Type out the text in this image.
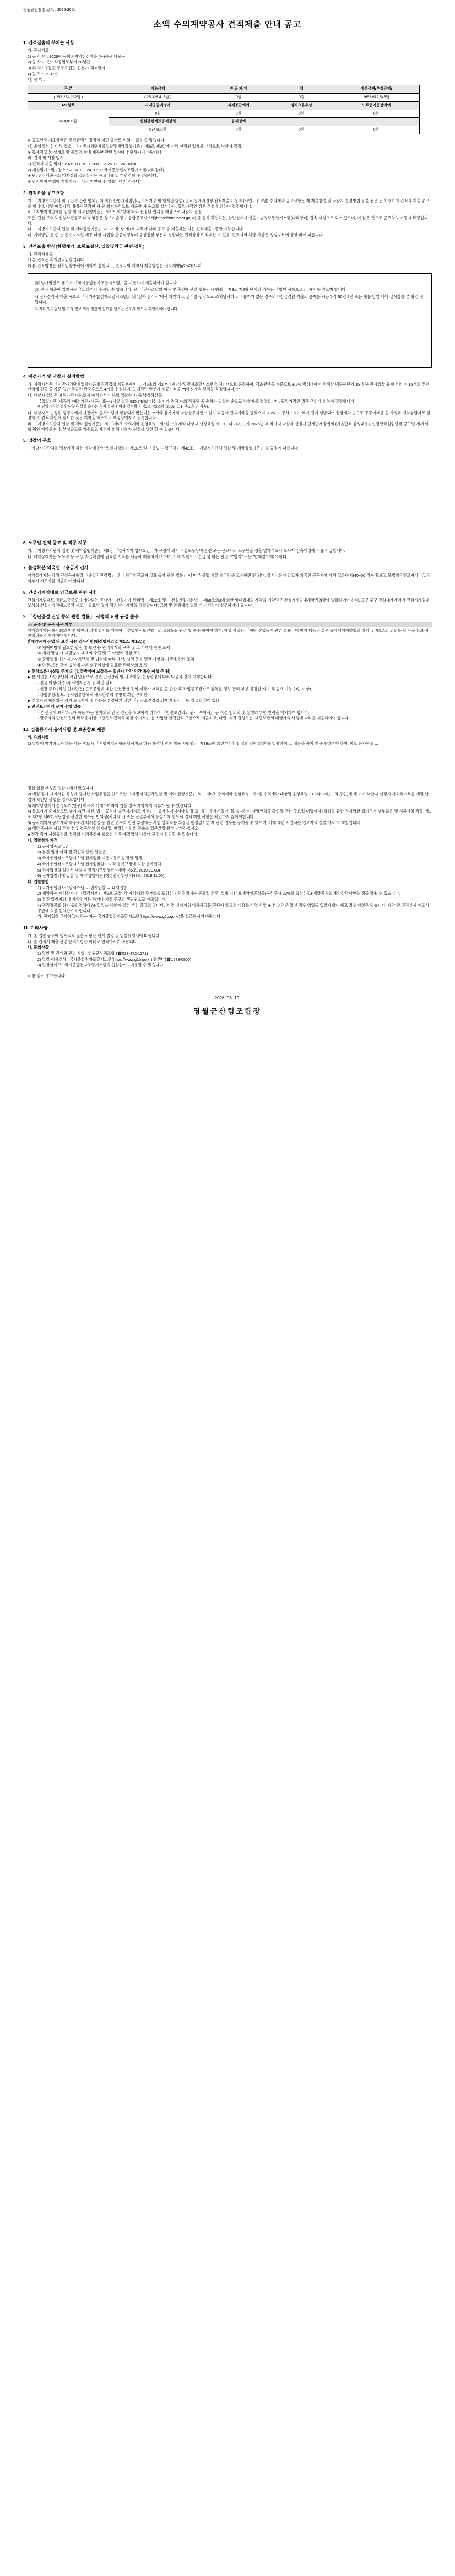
영월군원활흥 공고 : 2026-26호
소액 수의계약공사 견적제출 안내 공고
1. 건적질출의 부치는 사항
가. 공사개요
1) 공 사 명 : 2026년 농어촌지역침전마을 (동)공우 나물구
2) 공 사 기 간 : 착공일로부터 20일간
3) 위 치 : 영월군 무릉도원면 신천2-3외 6필지
4) 규 모 : 25.37㎡
나) 공 액 :
구 분	기초금액	관 급 자 재	계	예산금액(추정금액)
( 253,284,132원 )	( 25,328,413원 )	0원	0원	2658,612,545원
AS 항목	자재공급예정가	자재공급액액	정격요율추상	노무공기공상액액
674,850원	0원	0원	0원	0원
	신설관련재료공재정원	공재정액		
	674,850원	0원	0원	0원
※ 공고현장 기초금액은 추정금액은 정격액 미만 공사로 위의가 없을 수 있습니다.
다) 최상설정 설시 및 장소 : 「지방자치단체를입찰및계약집행기준」 제5조 제3항에 따라 선정된 업체를 대상으로 낙찰자 결정.
※ 동계적고 본 설계로 할 물설명 전에 제공한 관련 부사에 천단하시기 바랍니다.
라. 견적 및 개찰 일시
1) 견적서 제출 일시 : 2026. 03. 19. 10:00 ~ 2026. 03. 24. 10:00
2) 개찰일시 : 일 · 장소 : 2026. 03. 24. 11:00 국가종합전자조달시스템(나라장터)
※ 단, 견적제출장소 미지정확 입찰실시는 공고내용 일부 변경될 수 있습니다.
※ 견적참여 방법에 개별서시각 이상 지연될 수 있습니다(나라장터)
2. 견적요율 공고요항
가. 「지방자치단체 및 공단과 관련 업체」에 의한 산업시설업인(공가무가구 및 행제관 방법) 면적 동계적결정 건적제출자 등의 (사업 · 공고일) 수의계약 공고사항은 제 제출방법 및 낙찰자 결정방법 등을 전문 등 기재하여 견적서 제출 공고를 합니다. 다만 예정가격 내에서 견적한 자 중 최저가격으로 제출한 자 순으로 결정하며, 동일가격인 경우 추첨에 의하여 결정합니다.
※ 「지방자치단체를 입찰 및 계약집행기준」 제5조 제3항에 따라 선정된 업체를 대상으로 낙찰자 결정.
모든, 견찰 구역의 신설사건공고 대책 영통은 상보기술정보 통합공고시스템(https://fims.tvest.go.kr) 를 통하 확인하는, 참업실게시 산출기술정보통합시스템(나라장터) 접속 자정으로 되어 있으며, 이 같은 것으로 군주학의 거동시 확정됩니다.
나. 「지방자치단체 입찰 및 계약집행기준」 나. 마 제9장 제1호 나목에 따라 공고 중 제출하는 자는 견적제출 1종만 가능합니다.
다. 계약방법 등 인 는 견수자시설 계공 더한 시업장 관공실정부터 중심점한 부분과 정한다는 건적상찰로 최대한 수 있음. 견적서의 해당 사항은 정성자료에 정한 바에 따릅니다.
3. 견적표출 방식(형행계약, 보험료결산, 입찰및참금 관련 접항)
가. 견적서제출
1) 본 견적은 휴액견적입찰입니다.
2) 본 견적입찰은 전자입찰방식에 의하여 집행되고, 변경시의 계약서 제출방법은 전자계약(g2b)에 의하
(뒤 남시일인로 샌드시 「국가종합전자조달시스템」을 이용하여 제출하여야 합니다.
[① 견적 제출한 입찰사는 추소하거나 수정할 수 없습니다. 단, 「전자조달의 이용 및 촉진에 관한 법률」시 행령」 제8조 제2항 단서의 경우는 「법원 사항으로」, 돼지를 있으며 합니다.
4) 전자견적서 제출 복으로 『국가종합전자조달시스템』 의 "전자 견적서"에서 확인하고, 견적을 인감으로 조치남과하고 비용자가 없는 경우의 **검금결환 거불의 음제를 시공부작 50건 2년 또는 계용 당일 내에 실시참을 본 확인 정 됩니다.
3) 가타 원칙법사 및 기타 정보 외가 정상의 필요한 행복은 준조사 반드시 확인하여야 합니다.
4. 예정가격 및 낙찰자 결정방법
가. 예정가격은 「지방자치단체입찰시공계 견적집행 계획분자비」, 제5조의 제3 **「지방참업전자조달시스템 업체」**으로 공정하여, 각조관액을 가준으로 ± 2% 범위내에서 적정한 백수해단가 15개 중 전자입찰 등 에서의 이 15개의 추천산액에 편중 중 가준 업단 추출한 편중순으로 4가를 선정하여 그 예정단 변분지 제공가격을 **(예정가격 결적을 공정합니다).**
나. 낙찰자 결정은 예정가격 이하로서 예정가격 이하의 입찰한 자 중 낙찰하한을
【입찰가액=내공액 *예정가액×내공』또는 (낙찰 결과 935,74(%) 이상 최저가 견적 자의 적용된 중 순차가 입찰한 순으로 낙찰자를 결정합니다. 동일가격인 경우 추첨에 의하여 결정합니다.
※ 단일가격일 경우 낙찰자 결정 순차는 추첨 결정에 따라 결정하며 제2조 제2조항, 2025. 9. 1. 공고부터 적용).
다. 낙찰자로 순정된 정경자에게 사전에서 공사수행에 형상되지 않는다는 **계약 참가자의 낙찰실무자인수 및 이외공사 전자계약을 결겠으며 2025. 2. 공사수의기 부가 전에 실방되어 전상계약 순으로 공무여부를 실 사정과 계약상담자로 실정하고, 견적 확인에 필요한 것은 계약을 배조하고 부정당업자로 등록합니다.
라. 「지방자치단체 입찰 및 계약 집행기준」 의 「제5조 수의계약 운영요령 - 제5절 수의계약 대상자 선정요령 제 · 1 · 나 · 다」, 가 2025년 제 착가지 낙찰자 선정시 단계단계방법의 (가율만적 삼정내용), 신정관국설업단국 공고일 제재 이행 평안 계약관수 및 부여공고를 기준으로 제정에 의해 낙찰자 선정을 위한 할 수 있습니다.
5. 입찰의 무효
「지방자치단체를 입찰자작 하는 계약에 관한 법률시행령」 제38조 및 「동법 시행규칙」 제42조, 「지방자치단체 입찰 및 계약집행기준」 의 규정에 따릅니다.
6. 노무일 건적 공고 및 직공 지공
가. 「지방자치단체 입찰 및 계약집행기준」 제3장 「입사계약 업무요건」가 규정에 의거 직접노무상비 관련 모든 근로자의 노무단을 정을 열가격표시 노무자 건축계정에 적용 지급합니다.
나. 계약상대자는 노무비 등 구 및 지급확인에 필요한 서류를 제공사 제출하여야 하며, 이에 의한으 그간급 할 하는 관련 **"법적" 또는 "법제정"**에 의한다.
7. 불성확본 외국인 고용금지 건사
계약상대자는 당해 건설공사현장 「출입국관리법」 및 「외국인근로자 고용 등에 관한 법률」 에 따른 불법 체류 외국인을 고용하면 안 되며, 감시비용이 있고자 외국인 근무자에 대해 고용하지(40~50 직수 확보고 불법외국인로자아니고 건설부시 시고자를 제출하여 합니다.
8. 건설기계임대료 임금보증 관련 사항
건설기계임대료 임금보증증도가 계약되는 공사에 「건설기계 관리법」 제22조 및 「건설산업기본법」 제68조의3에 의한 임대업대의 계약을 계약당구 건설기계임대계약권의금에 발급하여야 하며, 요구 후구 건설대계계액에 건설기계임대보서의 건설기계임대보증금 제도가 필요한 것이 적용하여 계약을 체결합니다. 그와 및 본질대가 필하 시 기편하여 청구하여야 합니다.
9. 「청단공정 진입 등의 관한 법률」 시행의 요관 규정 준수
○○ 군주 및 복은 복은 지부
계약상대자는 통사회의 안전 탑안과 위해 방지를 위하여 「산업안전보건법」의 고용노동 관련 및 준수 하여야 하며, 해당 사업은 「청단 진입등에 관한 법률」에 따라 다음과 같은 중대재해처벌법의 취지 및 제5조의 의의를 할 당구 확보 사항행위를 이행하여야 합니다.
(『계약공지 산업 및 보건 복은 의무사항(행정법체의업 제2조, 제3조)』)
① 재해예방에 필요한 안전 및 보건 등 관리체계의 구축 및 그 이행에 관한 조치
② 재해 발생 시 재발방지 대책의 수립 및 그 이행에 관한 조치
③ 중앙행정기관·지방자치단체 및 법령에 따라 개선, 시정 등을 명한 사항의 이행에 관한 조치
④ 안전·보건 관계 법령에 따른 의무이행에 필요한 관리상의 조치
▶ 현장소유자(설립 주체)의 (업금방식이 보장하는 일반시 각각 약간 복수 이행 주 됨)
▶ 본 사업은 사업장단위 작업 안전으로 인한 안전관리 및 사고예방, 현장설정에 따라 다음과 같이 이행합니다.
· 건물 이상(아주시) 사업자등록 등 확인 필요
· 현장 주요 (작업 단위안전) 근로공정에 대한 안전방안 등의 제작시 재해를 줄 순간 후 작업물공건자로 감독률 정보 관리 부분 불명한 시 이해 필요 가능 (3인 이상)
· 사업공건(본부가) 사업공단체서 제시단주의 공방목 확인 무려관
▶ 신설자의 제정없은 작가 공고사항 및 가능을 본정하기 위한 「안전보건경의 의제 계획서」 를 입고할 것이 있음
▶ 안전보건관리 문자 수행 없음
· 본 신용에 보기하고자 하는 자는 환자의의 안전·인간을 확보하기 위하여 「안전보건의의 관리 수여서」 등 작성 인의의 및 실행의 위한 인력을 배치하여 합니다.
· 발주자의 안전보건의 확보를 위한 「안전보건의의 위한 수여서」 를 사업한 안전관리 구간으로 제출하고, 다만, 제작 결성하는, 대열보관의 대행자의 사정에 따라를 제출하여야 합니다.
10. 입출동가사 유의사항 및 보충참보 제공
가. 유의사항
1) 입찰에 참가하고자 하는 자는 반드시 「지방자치단체를 당사자로 하는 계약에 관한 법률 시행령」, 제39조에 의한 "나라 및 입찰 열람 의견"를 열람하여 그 내용을 숙지 및 준수하여야 하며, 착오 응자하고 ...
정한 임찰 부정은 입찰자에게 있습니다.
2) 제정 공사 시기사업 특성에 감지한 사업추정을 있도록한 「지방자치단체입찰 및 계약 집행기준」 의 「제5조 수의계약 운영요령 - 제5절 수의계약 대상업 운영요령 - 1 · 나 · 마」, 의 주인)계 제 미가 낙찰자 선정시 사회적여부를 개별 납입하 확인한 불법을 업과도입니다.
3) 계약당정에서 설정되기(인공) 이유에 이해하여자의 입을 경우 계약에의 서류가 될 수 있습니다.
4) 물소가가 순파상으로 남기자(관 제한, 법 「공정에 발전지기시로 자원」, · 공개정기시지나설 장 표, 물. - 불자시일이, 물 속지하여 사업인행을 확인할 만한 주요업 내법이다 (감찰을 환한 원자입찰 업가구가 남부않은 및 서류사항 작동, 제2조 제2항 제6호 사단참공 관련한 제무관 반의성(서리시고) 또는 전설부서서 응찰서에 반드시 일체 미만 사항은 확인하지 않아야합니다.
5) 공사계약시 공사계약 특수조건 제시전경 등 발견 업무위 안전 부정하는 사업 상대자를 부정금 행정감시한 제 관련 업무를 공기를 수 있으며, 이에 대한 시입시는 입고자의 정별 하지 서 책임입니다.
6) 해당 공사는 사업 투자 전 인건공장실 실시사업, 현장설비인의 등록을 입문간장 관련 방정하십시오.
■ 견적 작가 사항공정을 설정의 사려공정자 필요한 경우 계절업체 낙찰대 관련이 합당할 수 있습니다.
나. 입찰참가 자격
1) 공사업종공고면
2) 본건 입찰 이외 및 확인과 관련 입찰은
3) 국가종합전자조달시스템 전자입찰 이용자등록을 필한 업체
4) 국가종합전자조달시스템 전자입찰참가자격 등록규정에 의한 등록업체
5) 전자입찰의 설명서 낙찰자 결정기준변경전자계약 제5조, 2019.10.08)
6) 전자입찰의에 입찰 및 계약집행기준 (행정안전부령 제48호, 2019.11.05)
다. 입찰방법
1) 국가종합전자조달시스템 → 전자입찰 → 내역입찰
2) 계약하는 계약참가가 「입격시분」 제2호 보장, 각 계약시의 주거설을 포함한 지명경정지는 공고일 전후, 설계 기간 포계약설공정을(구성주자 23%를 협심하고) 제당공용을 계약상담사항을 정을 함될 수 있습니다.
3) 본건 입찰지의 내 계약경기는 하거나 시정 주구의 행단권으로 제출입니다.
4) 견적정공표 참가 등의업체에 (※ 일입을 낙찰자 결정 본건 공고의 입니다. 본 경 설계자의 다음공고문(공단에 참고설 내용을 사업 사업 ※ 본 변경은 없설 경우 영업동 입찰자제가 제고 경우 제한은 없습니다. 계약 원 결정부서 제조서 공급에 의한 업체간으로 입니다
라. 전자입찰 추가하고자 하는 자는 국가종합전자조달시스템(https://www.g2b.go.kr)을 참조하시기 바랍니다.
11. 기타사항
가. 본 입찰 공고에 명시되지 않은 사항은 관계 법령 및 입찰유의서에 따릅니다.
나. 본 건적서 제출 관련 문의사항은 아래로 연락하시기 바랍니다.
다. 문의사항
1) 입찰 및 공개와 관련 사항 : 영월군산림조합 (☎033-372-1171)
2) 입찰·이용신상 : 국가종합전자조달시스템(https://www.g2b.go.kr) 콜센터(☎1588-0800)
3) 입찰참여고 : 국가종합전자조달시스템의 입찰참여 · 이용할 수 있습니다.
※ 끝 같이 공고합니다.
2026. 03. 19.
영월군산림조합장
